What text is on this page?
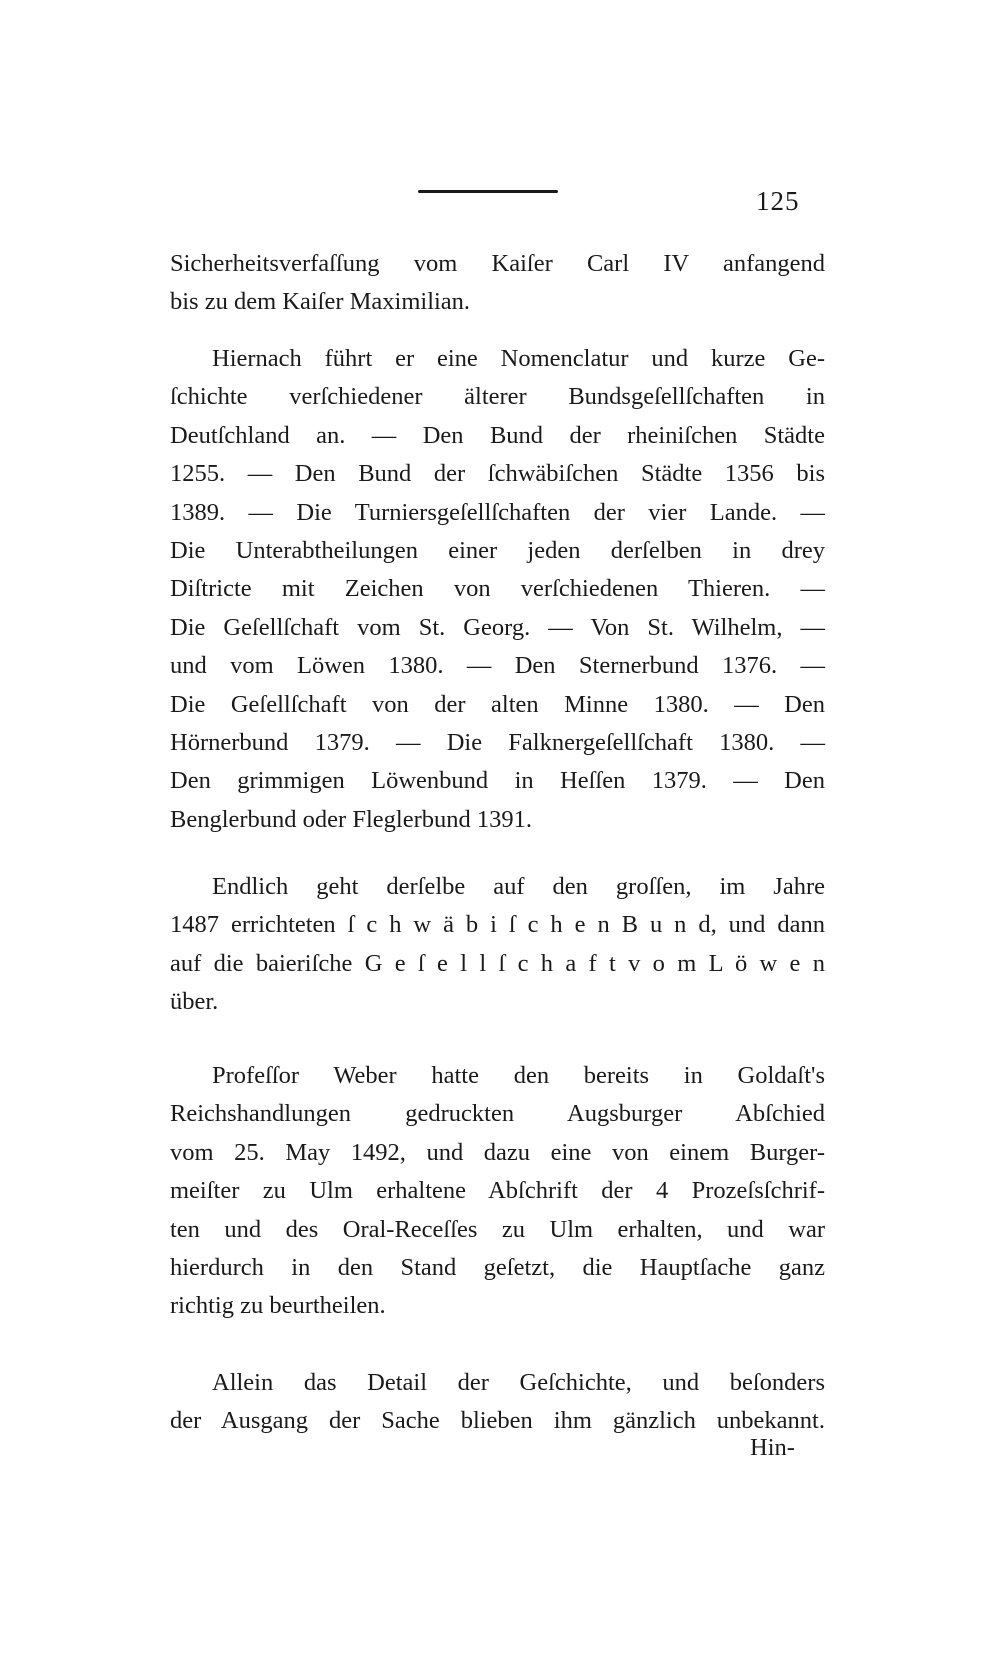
125
Sicherheitsverfaſſung vom Kaiſer Carl IV anfangend
bis zu dem Kaiſer Maximilian.
Hiernach führt er eine Nomenclatur und kurze Ge-
ſchichte verſchiedener älterer Bundsgeſellſchaften in
Deutſchland an. — Den Bund der rheiniſchen Städte
1255. — Den Bund der ſchwäbiſchen Städte 1356 bis
1389. — Die Turniersgeſellſchaften der vier Lande. —
Die Unterabtheilungen einer jeden derſelben in drey
Diſtricte mit Zeichen von verſchiedenen Thieren. —
Die Geſellſchaft vom St. Georg. — Von St. Wilhelm, —
und vom Löwen 1380. — Den Sternerbund 1376. —
Die Geſellſchaft von der alten Minne 1380. — Den
Hörnerbund 1379. — Die Falknergeſellſchaft 1380. —
Den grimmigen Löwenbund in Heſſen 1379. — Den
Benglerbund oder Fleglerbund 1391.
Endlich geht derſelbe auf den groſſen, im Jahre
1487 errichteten ſ c h w ä b i ſ c h e n B u n d, und dann
auf die baieriſche G e ſ e l l ſ c h a f t v o m L ö w e n
über.
Profeſſor Weber hatte den bereits in Goldaſt's
Reichshandlungen gedruckten Augsburger Abſchied
vom 25. May 1492, und dazu eine von einem Burger-
meiſter zu Ulm erhaltene Abſchrift der 4 Prozeſsſchrif-
ten und des Oral-Receſſes zu Ulm erhalten, und war
hierdurch in den Stand geſetzt, die Hauptſache ganz
richtig zu beurtheilen.
Allein das Detail der Geſchichte, und beſonders
der Ausgang der Sache blieben ihm gänzlich unbekannt.
Hin-
